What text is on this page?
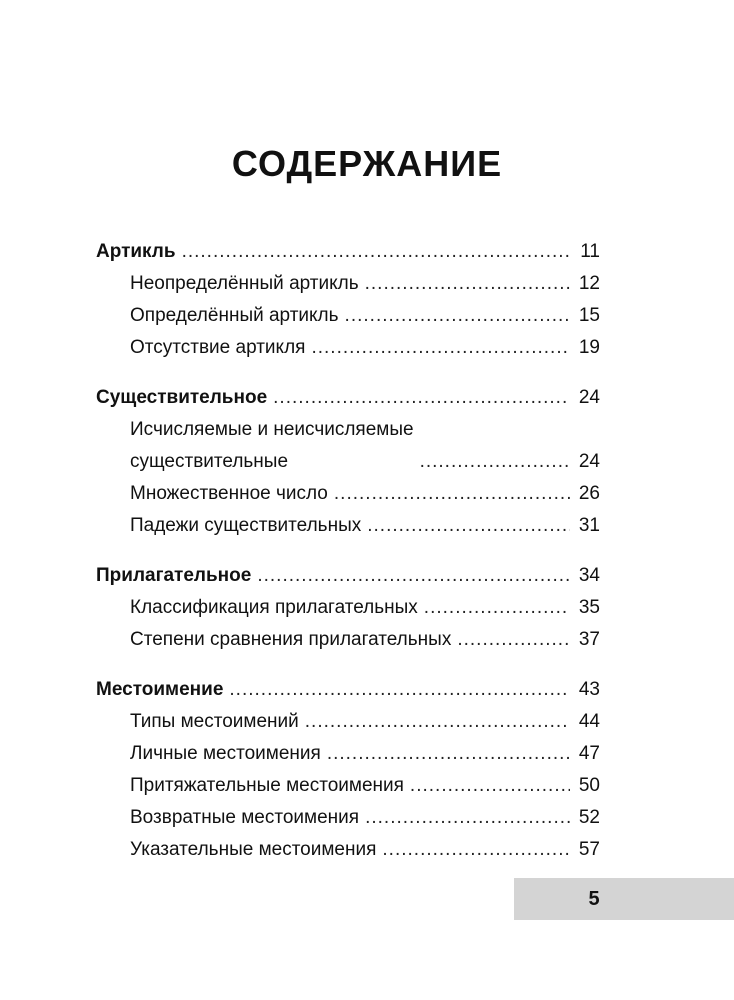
СОДЕРЖАНИЕ
Артикль .....	11
Неопределённый артикль .....	12
Определённый артикль .....	15
Отсутствие артикля .....	19
Существительное .....	24
Исчисляемые и неисчисляемые
существительные .....	24
Множественное число .....	26
Падежи существительных .....	31
Прилагательное .....	34
Классификация прилагательных .....	35
Степени сравнения прилагательных .....	37
Местоимение .....	43
Типы местоимений .....	44
Личные местоимения .....	47
Притяжательные местоимения .....	50
Возвратные местоимения .....	52
Указательные местоимения .....	57
5
